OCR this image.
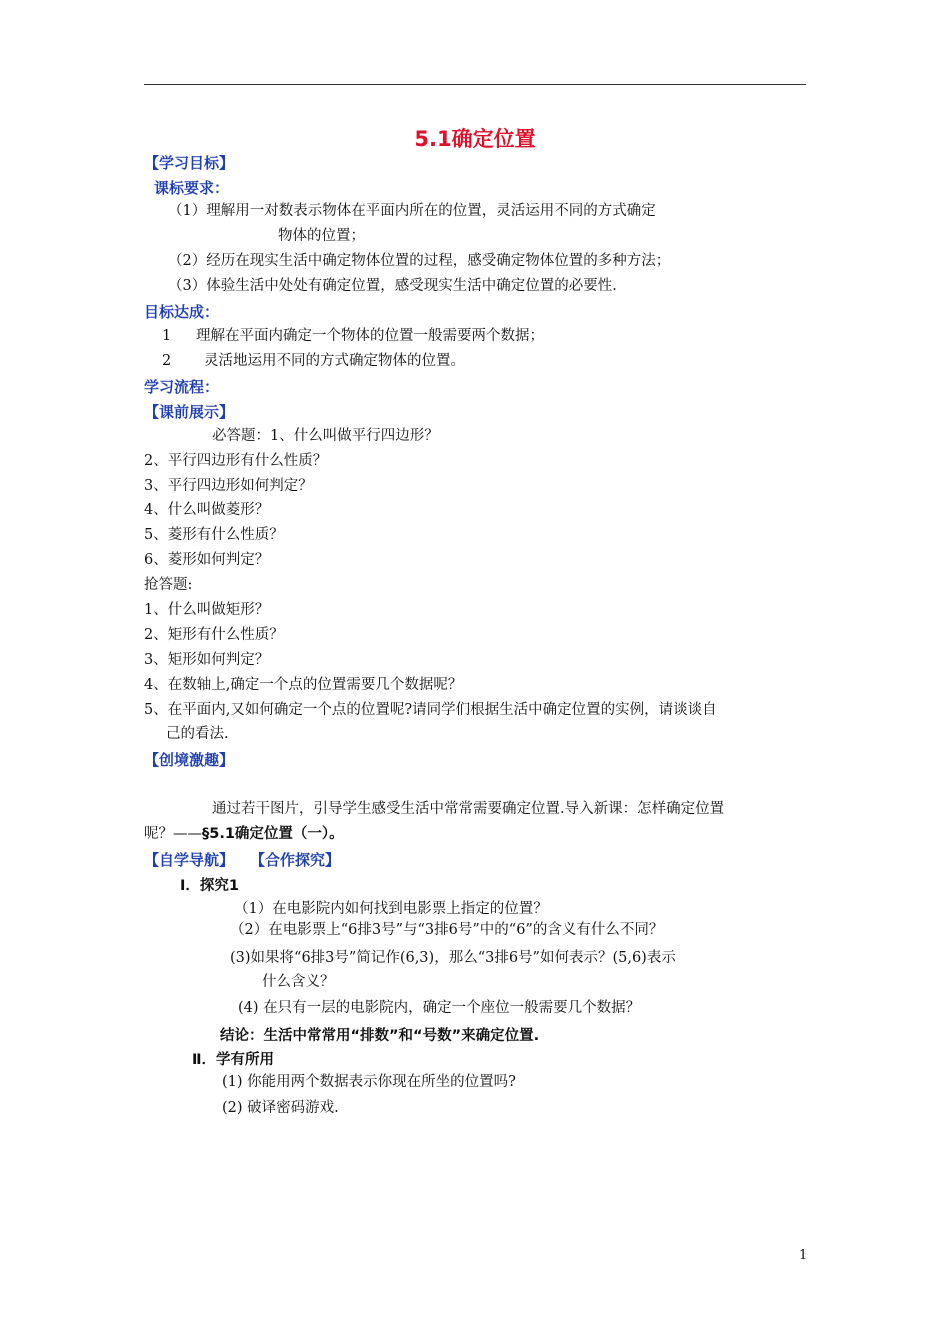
5.1确定位置
【学习目标】
课标要求：
（1）理解用一对数表示物体在平面内所在的位置，灵活运用不同的方式确定
物体的位置；
（2）经历在现实生活中确定物体位置的过程，感受确定物体位置的多种方法；
（3）体验生活中处处有确定位置，感受现实生活中确定位置的必要性.
目标达成：
1 理解在平面内确定一个物体的位置一般需要两个数据；
2 灵活地运用不同的方式确定物体的位置。
学习流程：
【课前展示】
必答题：1、什么叫做平行四边形？
2、平行四边形有什么性质？
3、平行四边形如何判定？
4、什么叫做菱形？
5、菱形有什么性质？
6、菱形如何判定？
抢答题:
1、什么叫做矩形？
2、矩形有什么性质？
3、矩形如何判定？
4、在数轴上,确定一个点的位置需要几个数据呢？
5、在平面内,又如何确定一个点的位置呢?请同学们根据生活中确定位置的实例，请谈谈自
己的看法.
【创境激趣】
通过若干图片，引导学生感受生活中常常需要确定位置.导入新课：怎样确定位置
呢？——§5.1确定位置（一）。
【自学导航】 【合作探究】
Ⅰ．探究1
（1）在电影院内如何找到电影票上指定的位置？
（2）在电影票上“6排3号”与“3排6号”中的“6”的含义有什么不同？
(3)如果将“6排3号”简记作(6,3)，那么“3排6号”如何表示？(5,6)表示
什么含义？
(4) 在只有一层的电影院内，确定一个座位一般需要几个数据？
结论：生活中常常用“排数”和“号数”来确定位置.
Ⅱ．学有所用
(1) 你能用两个数据表示你现在所坐的位置吗?
(2) 破译密码游戏.
1
